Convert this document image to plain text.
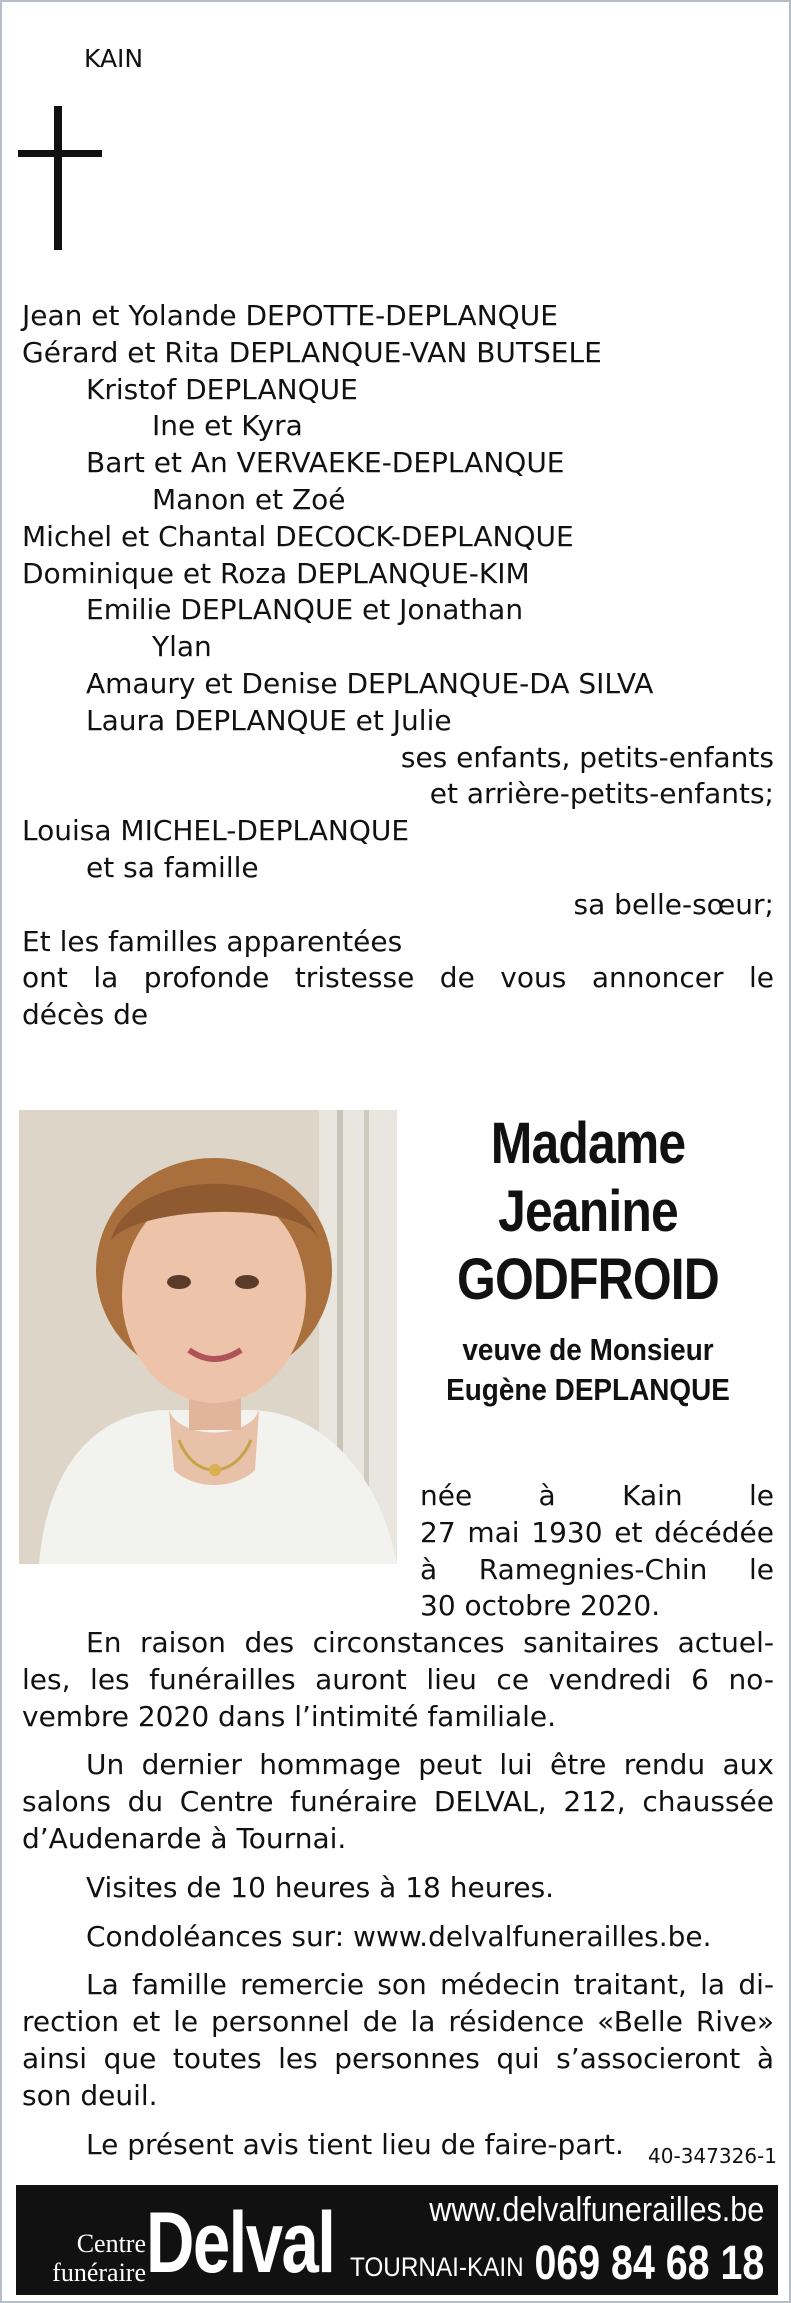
KAIN
Jean et Yolande DEPOTTE-DEPLANQUE
Gérard et Rita DEPLANQUE-VAN BUTSELE
Kristof DEPLANQUE
Ine et Kyra
Bart et An VERVAEKE-DEPLANQUE
Manon et Zoé
Michel et Chantal DECOCK-DEPLANQUE
Dominique et Roza DEPLANQUE-KIM
Emilie DEPLANQUE et Jonathan
Ylan
Amaury et Denise DEPLANQUE-DA SILVA
Laura DEPLANQUE et Julie
ses enfants, petits-enfants
et arrière-petits-enfants;
Louisa MICHEL-DEPLANQUE
et sa famille
sa belle-sœur;
Et les familles apparentées
ont la profonde tristesse de vous annoncer le
décès de
Madame
Jeanine
GODFROID
veuve de Monsieur
Eugène DEPLANQUE
née à Kain le
27 mai 1930 et décédée
à Ramegnies-Chin le
30 octobre 2020.

En raison des circonstances sanitaires actuel- les, les funérailles auront lieu ce vendredi 6 no- vembre 2020 dans l’intimité familiale.

Un dernier hommage peut lui être rendu aux salons du Centre funéraire DELVAL, 212, chaussée d’Audenarde à Tournai.

Visites de 10 heures à 18 heures.

Condoléances sur: www.delvalfunerailles.be.

La famille remercie son médecin traitant, la di- rection et le personnel de la résidence «Belle Rive» ainsi que toutes les personnes qui s’associeront à son deuil.

Le présent avis tient lieu de faire-part.	40-347326-1
Centre
funéraire Delval	www.delvalfunerailles.be
TOURNAI-KAIN 069 84 68 18
